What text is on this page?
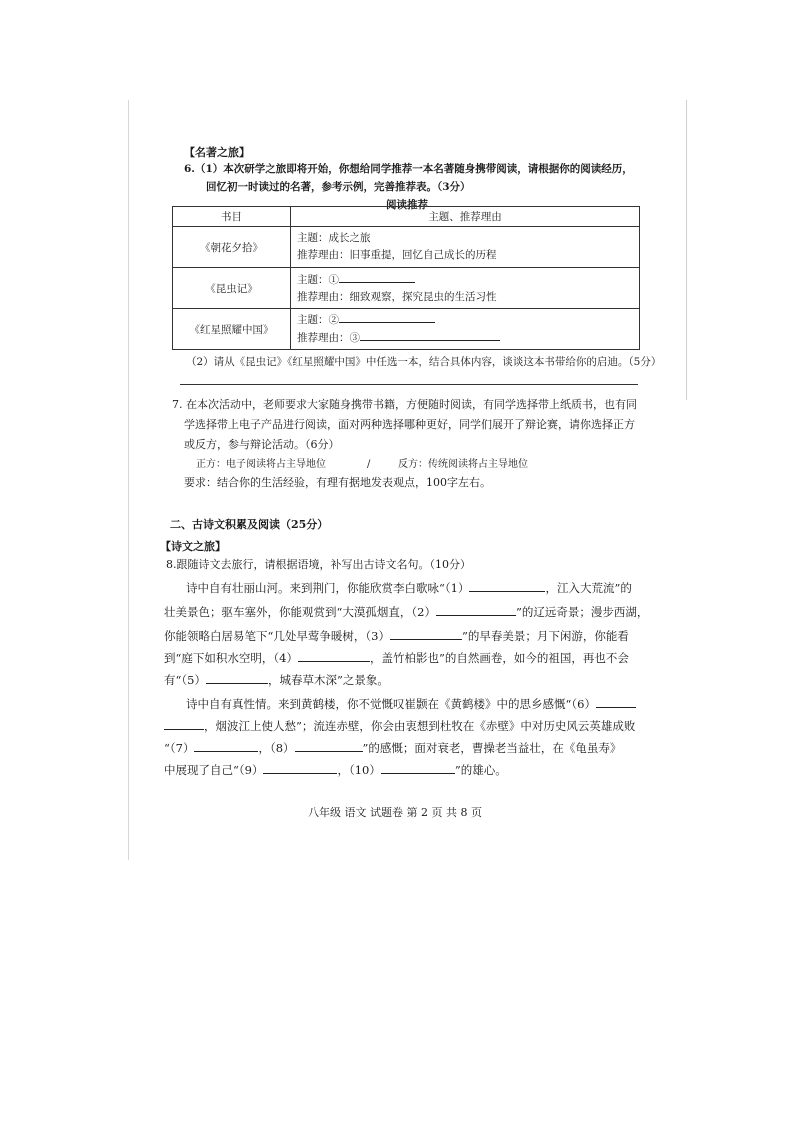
【名著之旅】
6.（1）本次研学之旅即将开始，你想给同学推荐一本名著随身携带阅读，请根据你的阅读经历，
回忆初一时读过的名著，参考示例，完善推荐表。（3分）
阅读推荐
书目	主题、推荐理由
《朝花夕拾》	主题：成长之旅
推荐理由：旧事重提，回忆自己成长的历程

《昆虫记》	主题：①
推荐理由：细致观察，探究昆虫的生活习性

《红星照耀中国》	主题：②
推荐理由：③
（2）请从《昆虫记》《红星照耀中国》中任选一本，结合具体内容，谈谈这本书带给你的启迪。（5分）
7. 在本次活动中，老师要求大家随身携带书籍，方便随时阅读，有同学选择带上纸质书，也有同
学选择带上电子产品进行阅读，面对两种选择哪种更好，同学们展开了辩论赛，请你选择正方
或反方，参与辩论活动。（6分）
正方：电子阅读将占主导地位	/	反方：传统阅读将占主导地位
要求：结合你的生活经验，有理有据地发表观点，100字左右。
二、古诗文积累及阅读（25分）
【诗文之旅】
8.跟随诗文去旅行，请根据语境，补写出古诗文名句。（10分）
诗中自有壮丽山河。来到荆门，你能欣赏李白歌咏“（1）	，江入大荒流”的
壮美景色；驱车塞外，你能观赏到“大漠孤烟直，（2）	”的辽远奇景；漫步西湖，
你能领略白居易笔下“几处早莺争暖树，（3）	”的早春美景；月下闲游，你能看
到“庭下如积水空明，（4）	，盖竹柏影也”的自然画卷，如今的祖国，再也不会
有“（5）	，城春草木深”之景象。
诗中自有真性情。来到黄鹤楼，你不觉慨叹崔颢在《黄鹤楼》中的思乡感慨“（6）
，烟波江上使人愁”；流连赤壁，你会由衷想到杜牧在《赤壁》中对历史风云英雄成败
“（7）	，（8）	”的感慨；面对衰老，曹操老当益壮，在《龟虽寿》
中展现了自己“（9）	，（10）	”的雄心。
八年级 语文 试题卷 第 2 页 共 8 页
